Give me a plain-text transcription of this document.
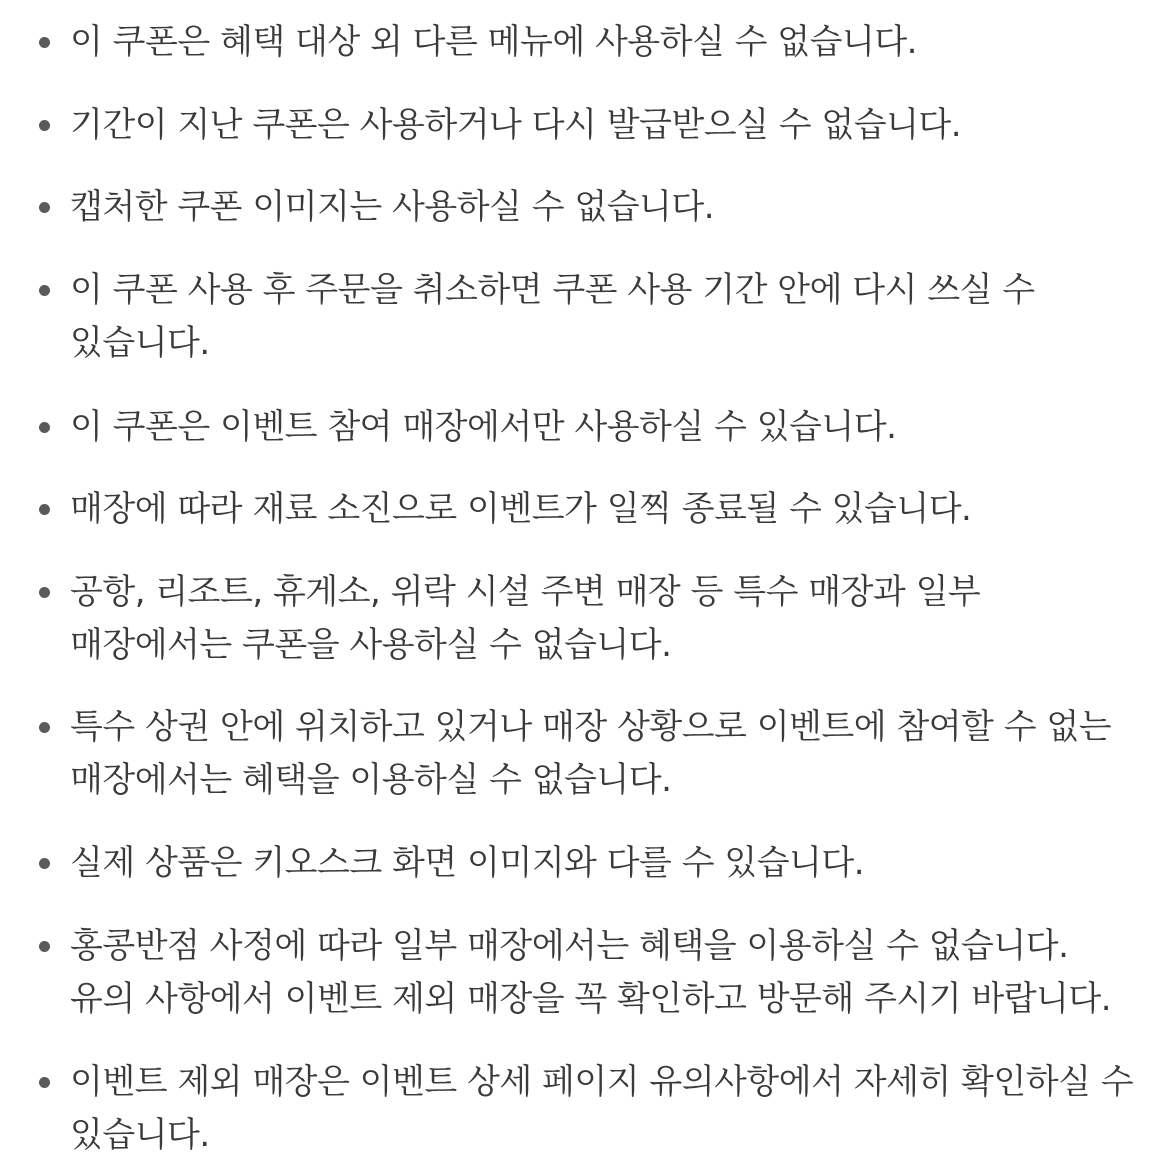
이 쿠폰은 혜택 대상 외 다른 메뉴에 사용하실 수 없습니다.
기간이 지난 쿠폰은 사용하거나 다시 발급받으실 수 없습니다.
캡처한 쿠폰 이미지는 사용하실 수 없습니다.
이 쿠폰 사용 후 주문을 취소하면 쿠폰 사용 기간 안에 다시 쓰실 수 있습니다.
이 쿠폰은 이벤트 참여 매장에서만 사용하실 수 있습니다.
매장에 따라 재료 소진으로 이벤트가 일찍 종료될 수 있습니다.
공항, 리조트, 휴게소, 위락 시설 주변 매장 등 특수 매장과 일부 매장에서는 쿠폰을 사용하실 수 없습니다.
특수 상권 안에 위치하고 있거나 매장 상황으로 이벤트에 참여할 수 없는 매장에서는 혜택을 이용하실 수 없습니다.
실제 상품은 키오스크 화면 이미지와 다를 수 있습니다.
홍콩반점 사정에 따라 일부 매장에서는 혜택을 이용하실 수 없습니다. 유의 사항에서 이벤트 제외 매장을 꼭 확인하고 방문해 주시기 바랍니다.
이벤트 제외 매장은 이벤트 상세 페이지 유의사항에서 자세히 확인하실 수 있습니다.
